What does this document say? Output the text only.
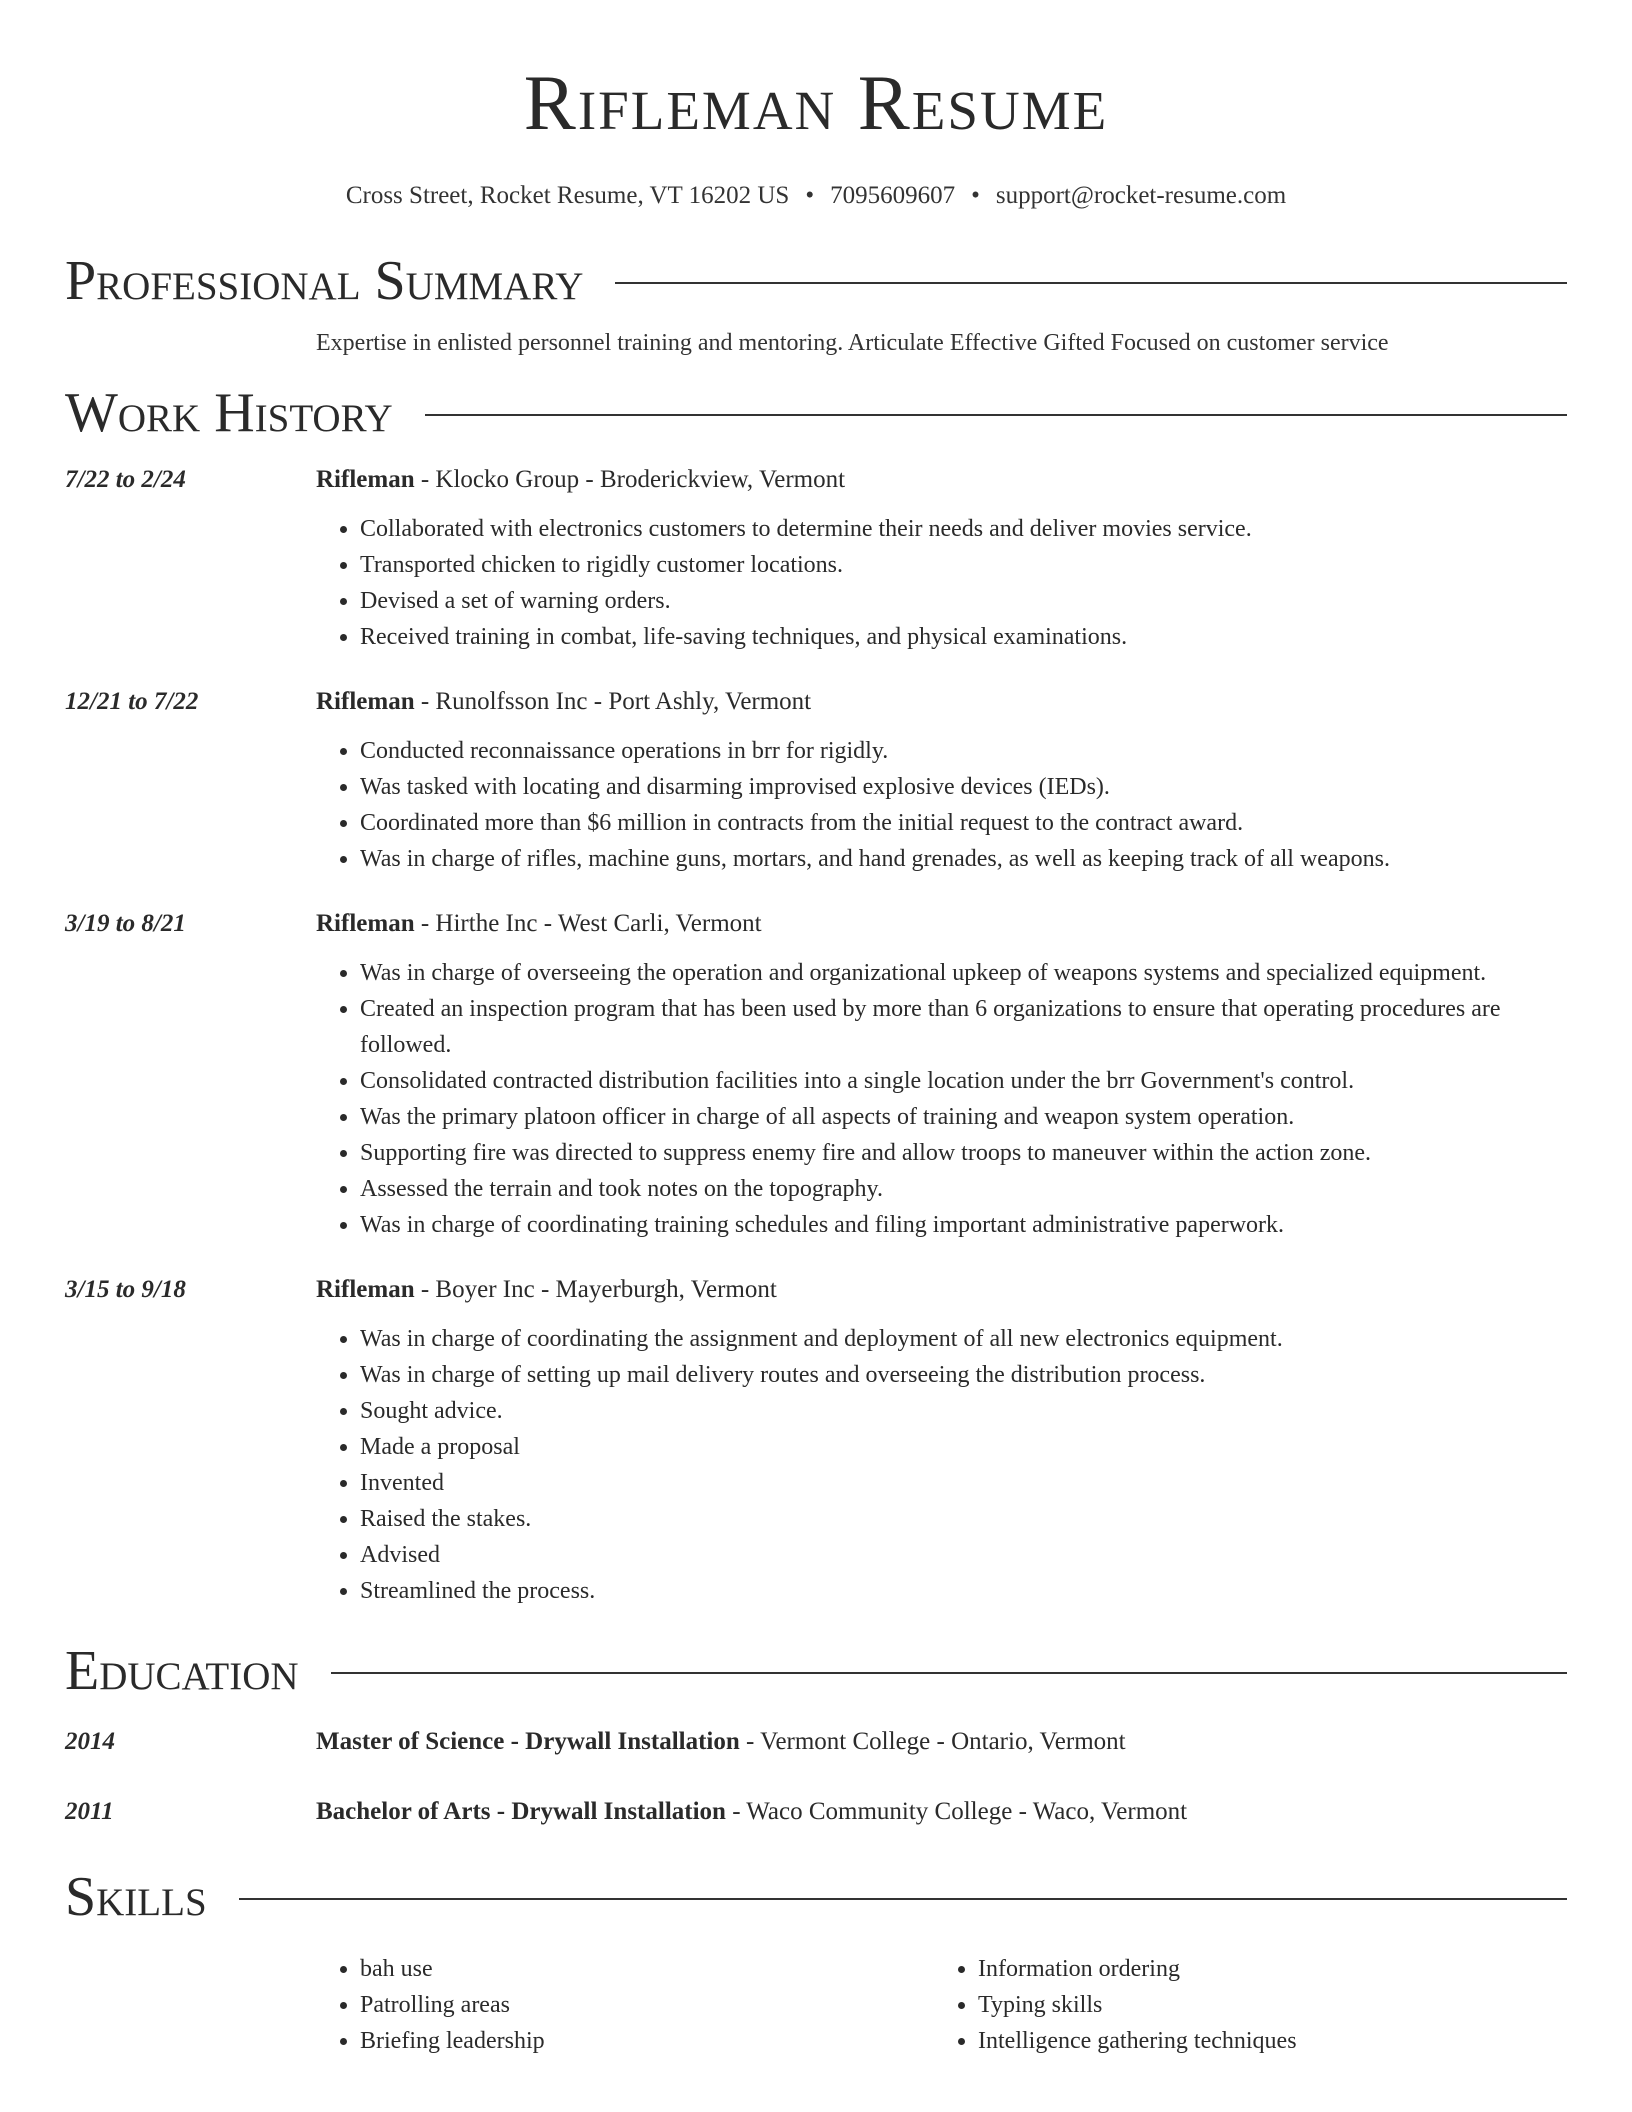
Rifleman Resume
Cross Street, Rocket Resume, VT 16202 US • 7095609607 • support@rocket-resume.com
Professional Summary
Expertise in enlisted personnel training and mentoring. Articulate Effective Gifted Focused on customer service
Work History
7/22 to 2/24	Rifleman - Klocko Group - Broderickview, Vermont
• Collaborated with electronics customers to determine their needs and deliver movies service.
• Transported chicken to rigidly customer locations.
• Devised a set of warning orders.
• Received training in combat, life-saving techniques, and physical examinations.
12/21 to 7/22	Rifleman - Runolfsson Inc - Port Ashly, Vermont
• Conducted reconnaissance operations in brr for rigidly.
• Was tasked with locating and disarming improvised explosive devices (IEDs).
• Coordinated more than $6 million in contracts from the initial request to the contract award.
• Was in charge of rifles, machine guns, mortars, and hand grenades, as well as keeping track of all weapons.
3/19 to 8/21	Rifleman - Hirthe Inc - West Carli, Vermont
• Was in charge of overseeing the operation and organizational upkeep of weapons systems and specialized equipment.
• Created an inspection program that has been used by more than 6 organizations to ensure that operating procedures are followed.
• Consolidated contracted distribution facilities into a single location under the brr Government's control.
• Was the primary platoon officer in charge of all aspects of training and weapon system operation.
• Supporting fire was directed to suppress enemy fire and allow troops to maneuver within the action zone.
• Assessed the terrain and took notes on the topography.
• Was in charge of coordinating training schedules and filing important administrative paperwork.
3/15 to 9/18	Rifleman - Boyer Inc - Mayerburgh, Vermont
• Was in charge of coordinating the assignment and deployment of all new electronics equipment.
• Was in charge of setting up mail delivery routes and overseeing the distribution process.
• Sought advice.
• Made a proposal
• Invented
• Raised the stakes.
• Advised
• Streamlined the process.
Education
2014	Master of Science - Drywall Installation - Vermont College - Ontario, Vermont
2011	Bachelor of Arts - Drywall Installation - Waco Community College - Waco, Vermont
Skills
• bah use
• Patrolling areas
• Briefing leadership
• Information ordering
• Typing skills
• Intelligence gathering techniques
